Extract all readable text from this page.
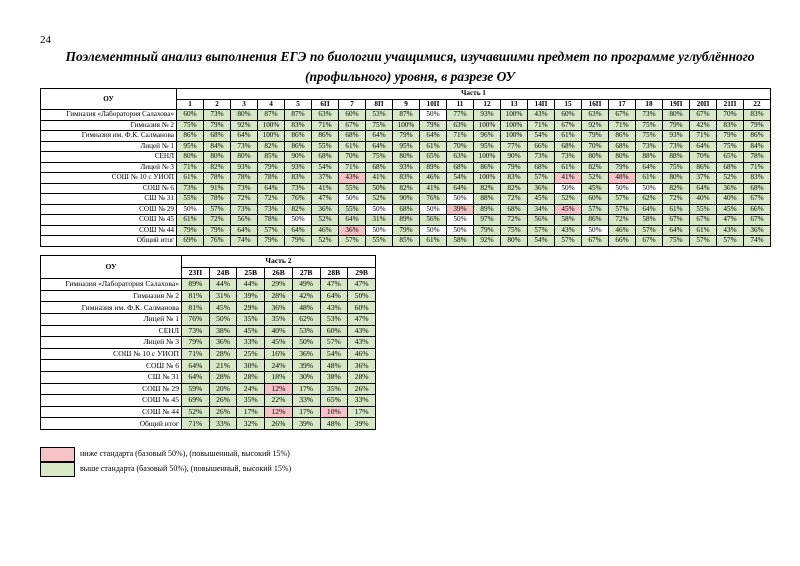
24
Поэлементный анализ выполнения ЕГЭ по биологии учащимися, изучавшими предмет по программе углублённого (профильного) уровня, в разрезе ОУ
ОУ	Часть 1																					
	1	2	3	4	5	6П	7	8П	9	10П	11	12	13	14П	15	16П	17	18	19П	20П	21П	22
Гимназия «Лаборатория Салахова»	60%	73%	80%	87%	87%	63%	60%	53%	87%	50%	77%	93%	100%	43%	60%	63%	67%	73%	80%	67%	70%	83%
Гимназия № 2	75%	79%	92%	100%	83%	71%	67%	75%	100%	79%	63%	100%	100%	71%	67%	92%	71%	75%	79%	42%	83%	79%
Гимназия им. Ф.К. Салманова	86%	68%	64%	100%	86%	86%	68%	64%	79%	64%	71%	96%	100%	54%	61%	79%	86%	75%	93%	71%	79%	86%
Лицей № 1	95%	84%	73%	82%	86%	55%	61%	64%	95%	61%	70%	95%	77%	66%	68%	70%	68%	73%	73%	64%	75%	84%
СЕНЛ	80%	80%	80%	85%	90%	68%	70%	75%	80%	65%	63%	100%	90%	73%	73%	80%	80%	88%	88%	70%	65%	78%
Лицей № 3	71%	82%	93%	79%	93%	54%	71%	68%	93%	89%	68%	86%	79%	68%	61%	82%	79%	64%	75%	86%	68%	71%
СОШ № 10 с УИОП	61%	78%	78%	78%	83%	37%	43%	41%	83%	46%	54%	100%	83%	57%	41%	52%	48%	61%	80%	37%	52%	83%
СОШ № 6	73%	91%	73%	64%	73%	41%	55%	50%	82%	41%	64%	82%	82%	36%	50%	45%	50%	50%	82%	64%	36%	68%
СШ № 31	55%	78%	72%	72%	76%	47%	50%	52%	90%	76%	50%	88%	72%	45%	52%	60%	57%	62%	72%	40%	40%	67%
СОШ № 29	50%	57%	73%	73%	82%	36%	55%	50%	68%	50%	39%	89%	68%	34%	45%	57%	57%	64%	61%	55%	45%	66%
СОШ № 45	61%	72%	56%	78%	50%	52%	64%	31%	89%	56%	50%	97%	72%	56%	58%	86%	72%	58%	67%	67%	47%	67%
СОШ № 44	79%	79%	64%	57%	64%	46%	36%	50%	79%	50%	50%	79%	75%	57%	43%	50%	46%	57%	64%	61%	43%	36%
Общий итог	69%	76%	74%	79%	79%	52%	57%	55%	85%	61%	58%	92%	80%	54%	57%	67%	66%	67%	75%	57%	57%	74%
ОУ	Часть 2						
	23П	24В	25В	26В	27В	28В	29В
Гимназия «Лаборатория Салахова»	89%	44%	44%	29%	49%	47%	47%
Гимназия № 2	81%	31%	39%	28%	42%	64%	50%
Гимназия им. Ф.К. Салманова	81%	45%	29%	36%	48%	43%	60%
Лицей № 1	76%	50%	35%	35%	62%	53%	47%
СЕНЛ	73%	38%	45%	40%	53%	60%	43%
Лицей № 3	79%	36%	33%	45%	50%	57%	43%
СОШ № 10 с УИОП	71%	28%	25%	16%	36%	54%	46%
СОШ № 6	64%	21%	30%	24%	39%	48%	36%
СШ № 31	64%	28%	28%	18%	30%	38%	28%
СОШ № 29	59%	20%	24%	12%	17%	35%	26%
СОШ № 45	69%	26%	35%	22%	33%	65%	33%
СОШ № 44	52%	26%	17%	12%	17%	10%	17%
Общий итог	71%	33%	32%	26%	39%	48%	39%
ниже стандарта (базовый 50%), (повышенный, высокий 15%)
выше стандарта (базовый 50%), (повышенный, высокий 15%)
